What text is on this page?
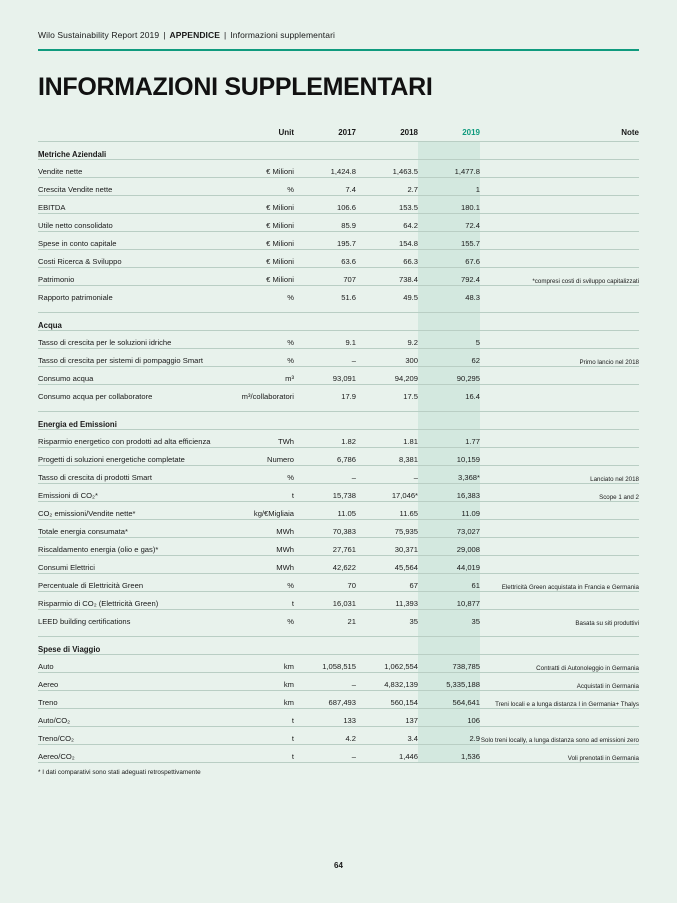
Wilo Sustainability Report 2019 | APPENDICE | Informazioni supplementari
INFORMAZIONI SUPPLEMENTARI
	Unit	2017	2018	2019	Note
Metriche Aziendali					
Vendite nette	€ Milioni	1,424.8	1,463.5	1,477.8	
Crescita Vendite nette	%	7.4	2.7	1	
EBITDA	€ Milioni	106.6	153.5	180.1	
Utile netto consolidato	€ Milioni	85.9	64.2	72.4	
Spese in conto capitale	€ Milioni	195.7	154.8	155.7	
Costi Ricerca & Sviluppo	€ Milioni	63.6	66.3	67.6	
Patrimonio	€ Milioni	707	738.4	792.4	*compresi costi di sviluppo capitalizzati
Rapporto patrimoniale	%	51.6	49.5	48.3	

Acqua					
Tasso di crescita per le soluzioni idriche	%	9.1	9.2	5	
Tasso di crescita per sistemi di pompaggio Smart	%	–	300	62	Primo lancio nel 2018
Consumo acqua	m³	93,091	94,209	90,295	
Consumo acqua per collaboratore	m³/collaboratori	17.9	17.5	16.4	

Energia ed Emissioni					
Risparmio energetico con prodotti ad alta efficienza	TWh	1.82	1.81	1.77	
Progetti di soluzioni energetiche completate	Numero	6,786	8,381	10,159	
Tasso di crescita di prodotti Smart	%	–	–	3,368*	Lanciato nel 2018
Emissioni di CO₂*	t	15,738	17,046*	16,383	Scope 1 and 2
CO₂ emissioni/Vendite nette*	kg/€Migliaia	11.05	11.65	11.09	
Totale energia consumata*	MWh	70,383	75,935	73,027	
Riscaldamento energia (olio e gas)*	MWh	27,761	30,371	29,008	
Consumi Elettrici	MWh	42,622	45,564	44,019	
Percentuale di Elettricità Green	%	70	67	61	Elettricità Green acquistata in Francia e Germania
Risparmio di CO₂ (Elettricità Green)	t	16,031	11,393	10,877	
LEED building certifications	%	21	35	35	Basata su siti produttivi

Spese di Viaggio					
Auto	km	1,058,515	1,062,554	738,785	Contratti di Autonoleggio in Germania
Aereo	km	–	4,832,139	5,335,188	Acquistati in Germania
Treno	km	687,493	560,154	564,641	Treni locali e a lunga distanza I in Germania+ Thalys
Auto/CO₂	t	133	137	106	
Treno/CO₂	t	4.2	3.4	2.9	Solo treni locally, a lunga distanza sono ad emissioni zero
Aereo/CO₂	t	–	1,446	1,536	Voli prenotati in Germania

* I dati comparativi sono stati adeguati retrospettivamente
64
